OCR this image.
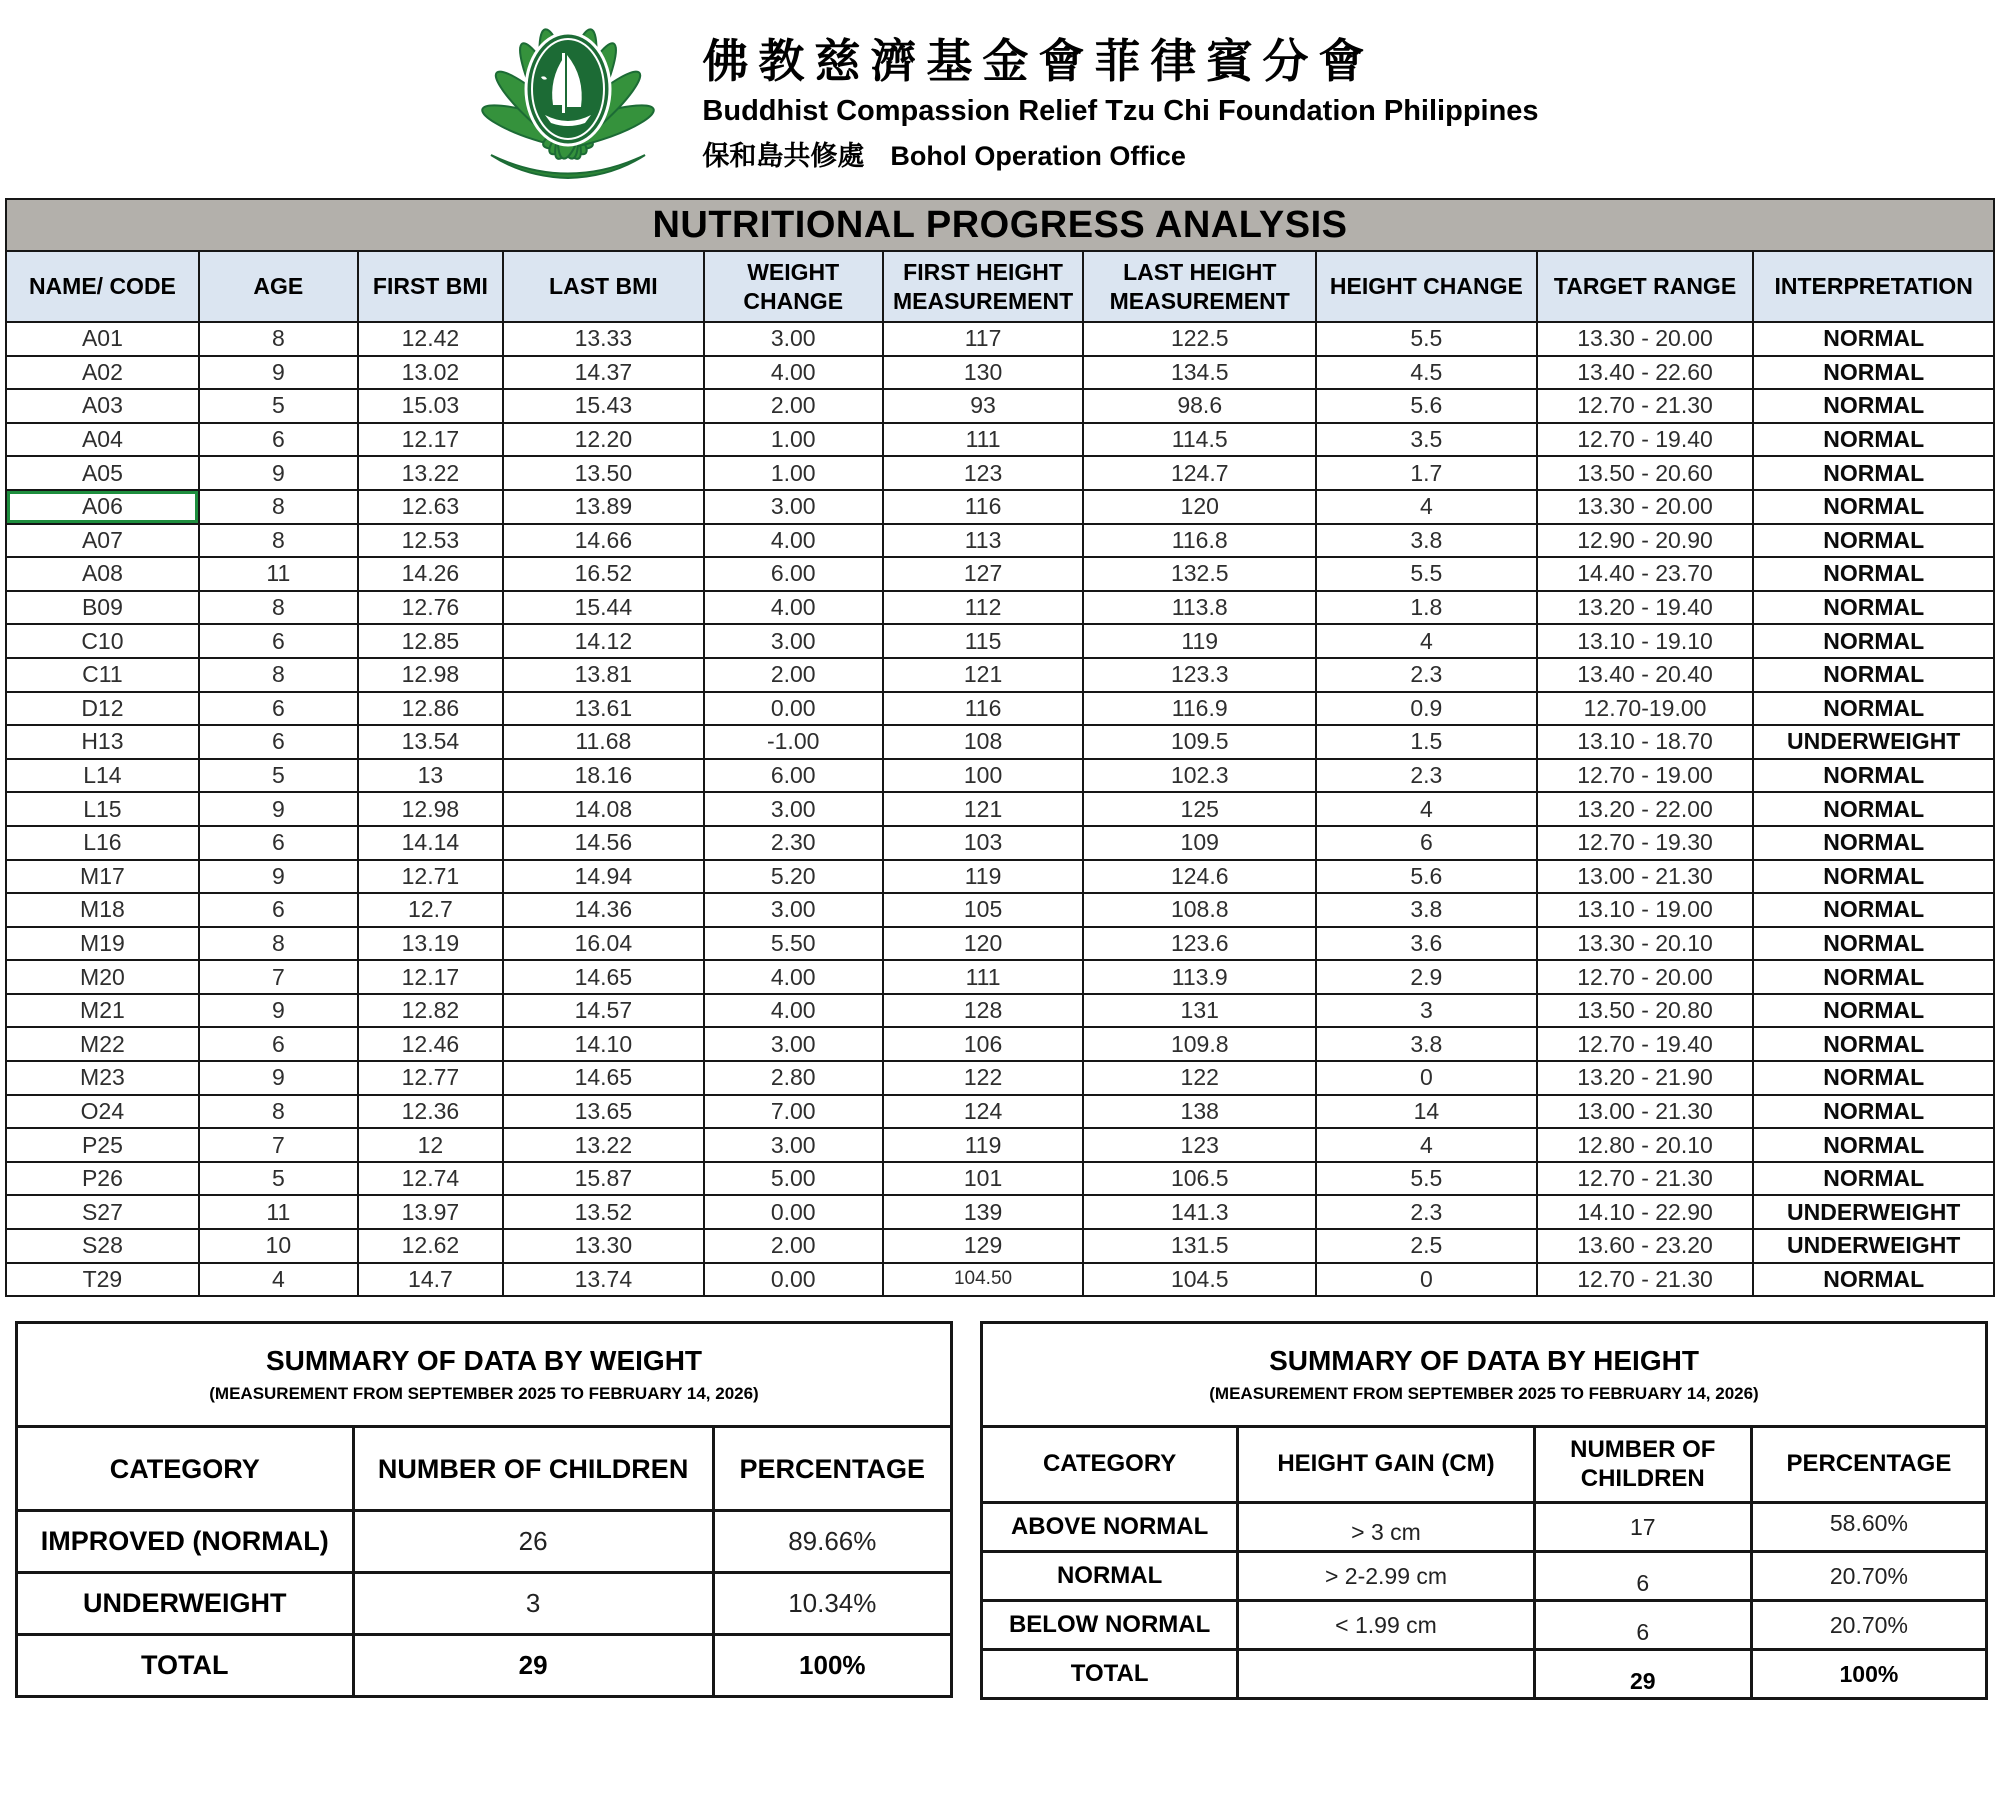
佛教慈濟基金會菲律賓分會
Buddhist Compassion Relief Tzu Chi Foundation Philippines
保和島共修處 Bohol Operation Office
NUTRITIONAL PROGRESS ANALYSIS									
NAME/ CODE	AGE	FIRST BMI	LAST BMI	WEIGHT CHANGE	FIRST HEIGHT MEASUREMENT	LAST HEIGHT MEASUREMENT	HEIGHT CHANGE	TARGET RANGE	INTERPRETATION
A01	8	12.42	13.33	3.00	117	122.5	5.5	13.30 - 20.00	NORMAL
A02	9	13.02	14.37	4.00	130	134.5	4.5	13.40 - 22.60	NORMAL
A03	5	15.03	15.43	2.00	93	98.6	5.6	12.70 - 21.30	NORMAL
A04	6	12.17	12.20	1.00	111	114.5	3.5	12.70 - 19.40	NORMAL
A05	9	13.22	13.50	1.00	123	124.7	1.7	13.50 - 20.60	NORMAL
A06	8	12.63	13.89	3.00	116	120	4	13.30 - 20.00	NORMAL
A07	8	12.53	14.66	4.00	113	116.8	3.8	12.90 - 20.90	NORMAL
A08	11	14.26	16.52	6.00	127	132.5	5.5	14.40 - 23.70	NORMAL
B09	8	12.76	15.44	4.00	112	113.8	1.8	13.20 - 19.40	NORMAL
C10	6	12.85	14.12	3.00	115	119	4	13.10 - 19.10	NORMAL
C11	8	12.98	13.81	2.00	121	123.3	2.3	13.40 - 20.40	NORMAL
D12	6	12.86	13.61	0.00	116	116.9	0.9	12.70-19.00	NORMAL
H13	6	13.54	11.68	-1.00	108	109.5	1.5	13.10 - 18.70	UNDERWEIGHT
L14	5	13	18.16	6.00	100	102.3	2.3	12.70 - 19.00	NORMAL
L15	9	12.98	14.08	3.00	121	125	4	13.20 - 22.00	NORMAL
L16	6	14.14	14.56	2.30	103	109	6	12.70 - 19.30	NORMAL
M17	9	12.71	14.94	5.20	119	124.6	5.6	13.00 - 21.30	NORMAL
M18	6	12.7	14.36	3.00	105	108.8	3.8	13.10 - 19.00	NORMAL
M19	8	13.19	16.04	5.50	120	123.6	3.6	13.30 - 20.10	NORMAL
M20	7	12.17	14.65	4.00	111	113.9	2.9	12.70 - 20.00	NORMAL
M21	9	12.82	14.57	4.00	128	131	3	13.50 - 20.80	NORMAL
M22	6	12.46	14.10	3.00	106	109.8	3.8	12.70 - 19.40	NORMAL
M23	9	12.77	14.65	2.80	122	122	0	13.20 - 21.90	NORMAL
O24	8	12.36	13.65	7.00	124	138	14	13.00 - 21.30	NORMAL
P25	7	12	13.22	3.00	119	123	4	12.80 - 20.10	NORMAL
P26	5	12.74	15.87	5.00	101	106.5	5.5	12.70 - 21.30	NORMAL
S27	11	13.97	13.52	0.00	139	141.3	2.3	14.10 - 22.90	UNDERWEIGHT
S28	10	12.62	13.30	2.00	129	131.5	2.5	13.60 - 23.20	UNDERWEIGHT
T29	4	14.7	13.74	0.00	104.50	104.5	0	12.70 - 21.30	NORMAL
SUMMARY OF DATA BY WEIGHT
(MEASUREMENT FROM SEPTEMBER 2025 TO FEBRUARY 14, 2026)		

CATEGORY	NUMBER OF CHILDREN	PERCENTAGE
IMPROVED (NORMAL)	26	89.66%
UNDERWEIGHT	3	10.34%
TOTAL	29	100%
SUMMARY OF DATA BY HEIGHT
(MEASUREMENT FROM SEPTEMBER 2025 TO FEBRUARY 14, 2026)			

CATEGORY	HEIGHT GAIN (CM)	NUMBER OF CHILDREN	PERCENTAGE
ABOVE NORMAL	> 3 cm	17	58.60%
NORMAL	> 2-2.99 cm	6	20.70%
BELOW NORMAL	< 1.99 cm	6	20.70%
TOTAL		29	100%
